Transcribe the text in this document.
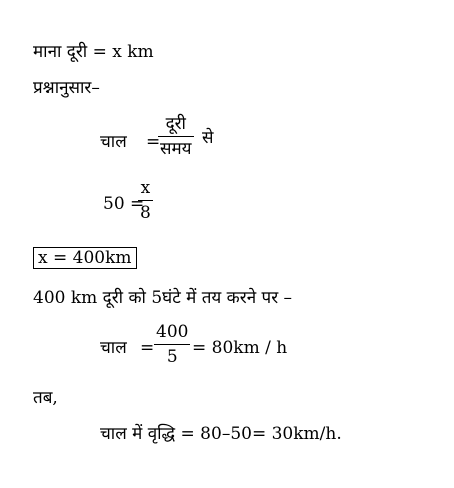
माना दूरी = x km
प्रश्नानुसार–
चाल =
दूरी
समय
से
50 =
x
8
x = 400km
400 km दूरी को 5घंटे में तय करने पर –
चाल =
400
5 = 80km / h
तब,
चाल में वृद्धि = 80–50= 30km/h.
